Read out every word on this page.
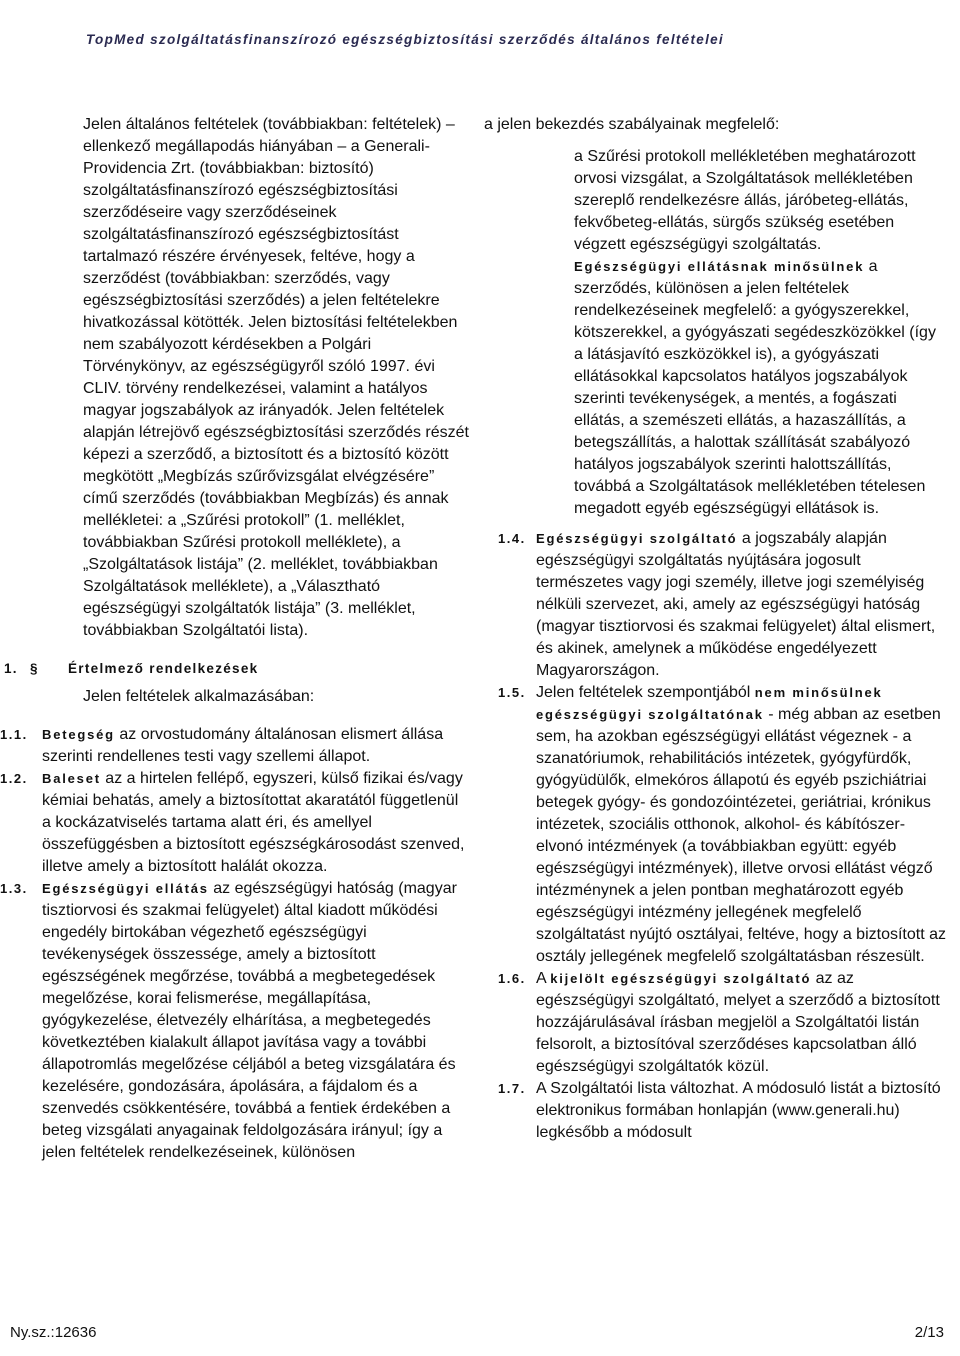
TopMed szolgáltatásfinanszírozó egészségbiztosítási szerződés általános feltételei

Jelen általános feltételek (továbbiakban: feltételek) – ellenkező megállapodás hiányában – a Generali-Providencia Zrt. (továbbiakban: biztosító) szolgáltatásfinanszírozó egészségbiztosítási szerződéseire vagy szerződéseinek szolgáltatásfinanszírozó egészségbiztosítást tartalmazó részére érvényesek, feltéve, hogy a szerződést (továbbiakban: szerződés, vagy egészségbiztosítási szerződés) a jelen feltételekre hivatkozással kötötték. Jelen biztosítási feltételekben nem szabályozott kérdésekben a Polgári Törvénykönyv, az egészségügyről szóló 1997. évi CLIV. törvény rendelkezései, valamint a hatályos magyar jogszabályok az irányadók. Jelen feltételek alapján létrejövő egészségbiztosítási szerződés részét képezi a szerződő, a biztosított és a biztosító között megkötött „Megbízás szűrővizsgálat elvégzésére” című szerződés (továbbiakban Megbízás) és annak mellékletei: a „Szűrési protokoll” (1. melléklet, továbbiakban Szűrési protokoll melléklete), a „Szolgáltatások listája” (2. melléklet, továbbiakban Szolgáltatások melléklete), a „Választható egészségügyi szolgáltatók listája” (3. melléklet, továbbiakban Szolgáltatói lista).

1. §	Értelmező rendelkezések

Jelen feltételek alkalmazásában:

1.1. Betegség az orvostudomány általánosan elismert állása szerinti rendellenes testi vagy szellemi állapot.
1.2. Baleset az a hirtelen fellépő, egyszeri, külső fizikai és/vagy kémiai behatás, amely a biztosítottat akaratától függetlenül a kockázatviselés tartama alatt éri, és amellyel összefüggésben a biztosított egészségkárosodást szenved, illetve amely a biztosított halálát okozza.
1.3. Egészségügyi ellátás az egészségügyi hatóság (magyar tisztiorvosi és szakmai felügyelet) által kiadott működési engedély birtokában végezhető egészségügyi tevékenységek összessége, amely a biztosított egészségének megőrzése, továbbá a megbetegedések megelőzése, korai felismerése, megállapítása, gyógykezelése, életvezély elhárítása, a megbetegedés következtében kialakult állapot javítása vagy a további állapotromlás megelőzése céljából a beteg vizsgálatára és kezelésére, gondozására, ápolására, a fájdalom és a szenvedés csökkentésére, továbbá a fentiek érdekében a beteg vizsgálati anyagainak feldolgozására irányul; így a jelen feltételek rendelkezéseinek, különösen

a jelen bekezdés szabályainak megfelelő:

a Szűrési protokoll mellékletében meghatározott orvosi vizsgálat, a Szolgáltatások mellékletében szereplő rendelkezésre állás, járóbeteg-ellátás, fekvőbeteg-ellátás, sürgős szükség esetében végzett egészségügyi szolgáltatás.

Egészségügyi ellátásnak minősülnek a szerződés, különösen a jelen feltételek rendelkezéseinek megfelelő: a gyógyszerekkel, kötszerekkel, a gyógyászati segédeszközökkel (így a látásjavító eszközökkel is), a gyógyászati ellátásokkal kapcsolatos hatályos jogszabályok szerinti tevékenységek, a mentés, a fogászati ellátás, a szemészeti ellátás, a hazaszállítás, a betegszállítás, a halottak szállítását szabályozó hatályos jogszabályok szerinti halottszállítás, továbbá a Szolgáltatások mellékletében tételesen megadott egyéb egészségügyi ellátások is.

1.4. Egészségügyi szolgáltató a jogszabály alapján egészségügyi szolgáltatás nyújtására jogosult természetes vagy jogi személy, illetve jogi személyiség nélküli szervezet, aki, amely az egészségügyi hatóság (magyar tisztiorvosi és szakmai felügyelet) által elismert, és akinek, amelynek a működése engedélyezett Magyarországon.
1.5. Jelen feltételek szempontjából nem minősülnek egészségügyi szolgáltatónak - még abban az esetben sem, ha azokban egészségügyi ellátást végeznek - a szanatóriumok, rehabilitációs intézetek, gyógyfürdők, gyógyüdülők, elmekóros állapotú és egyéb pszichiátriai betegek gyógy- és gondozóintézetei, geriátriai, krónikus intézetek, szociális otthonok, alkohol- és kábítószer-elvonó intézmények (a továbbiakban együtt: egyéb egészségügyi intézmények), illetve orvosi ellátást végző intézménynek a jelen pontban meghatározott egyéb egészségügyi intézmény jellegének megfelelő szolgáltatást nyújtó osztályai, feltéve, hogy a biztosított az osztály jellegének megfelelő szolgáltatásban részesült.
1.6. A kijelölt egészségügyi szolgáltató az az egészségügyi szolgáltató, melyet a szerződő a biztosított hozzájárulásával írásban megjelöl a Szolgáltatói listán felsorolt, a biztosítóval szerződéses kapcsolatban álló egészségügyi szolgáltatók közül.
1.7. A Szolgáltatói lista változhat. A módosuló listát a biztosító elektronikus formában honlapján (www.generali.hu) legkésőbb a módosult
Ny.sz.:12636	2/13
